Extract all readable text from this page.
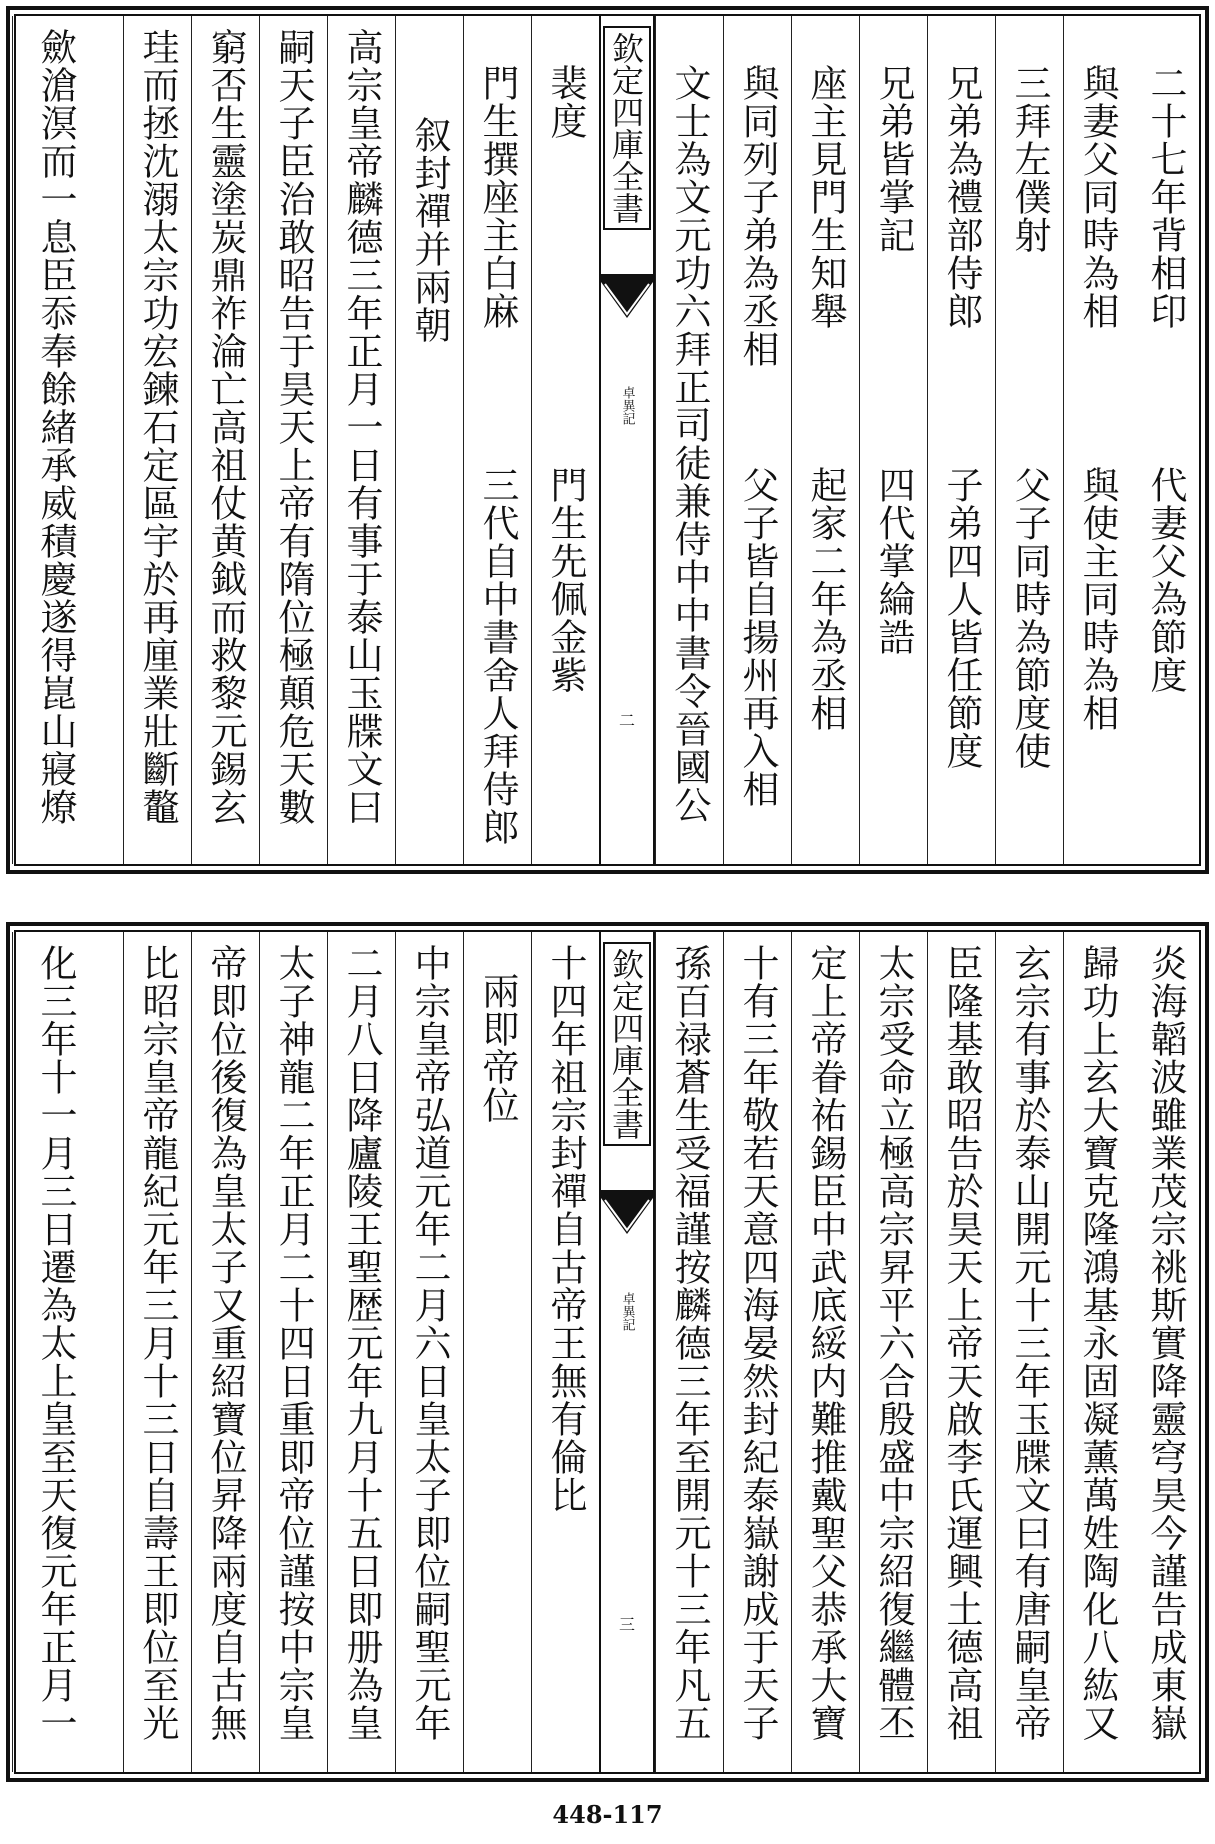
二十七年背相印
代妻父為節度
與妻父同時為相
與使主同時為相
三拜左僕射
父子同時為節度使
兄弟為禮部侍郎
子弟四人皆任節度
兄弟皆掌記
四代掌綸誥
座主見門生知舉
起家二年為丞相
與同列子弟為丞相
父子皆自揚州再入相
文士為文元功六拜正司徒兼侍中中書令晉國公
欽定四庫全書
卓異記
二
裴度
門生先佩金紫
門生撰座主白麻
三代自中書舍人拜侍郎
叙封禪并兩朝
高宗皇帝麟德三年正月一日有事于泰山玉牒文曰
嗣天子臣治敢昭告于昊天上帝有隋位極顛危天數
窮否生靈塗炭鼎祚淪亡高祖仗黄鉞而救黎元錫玄
珪而拯沈溺太宗功宏鍊石定區宇於再㢆業壯斷鼇
歛滄溟而一息臣忝奉餘緒承威積慶遂得崑山寢燎
炎海韜波雖業茂宗祧斯實降靈穹昊今謹告成東嶽
歸功上玄大寶克隆鴻基永固凝薰萬姓陶化八紘又
玄宗有事於泰山開元十三年玉牒文曰有唐嗣皇帝
臣隆基敢昭告於昊天上帝天啟李氏運興土德高祖
太宗受命立極高宗昇平六合殷盛中宗紹復繼體丕
定上帝眷祐錫臣中武底綏内難推戴聖父恭承大寶
十有三年敬若天意四海晏然封紀泰嶽謝成于天子
孫百禄蒼生受福謹按麟德三年至開元十三年凡五
欽定四庫全書
卓異記
三
十四年祖宗封禪自古帝王無有倫比
兩即帝位
中宗皇帝弘道元年二月六日皇太子即位嗣聖元年
二月八日降廬陵王聖歴元年九月十五日即册為皇
太子神龍二年正月二十四日重即帝位謹按中宗皇
帝即位後復為皇太子又重紹寶位昇降兩度自古無
比昭宗皇帝龍紀元年三月十三日自壽王即位至光
化三年十一月三日遷為太上皇至天復元年正月一
448-117
